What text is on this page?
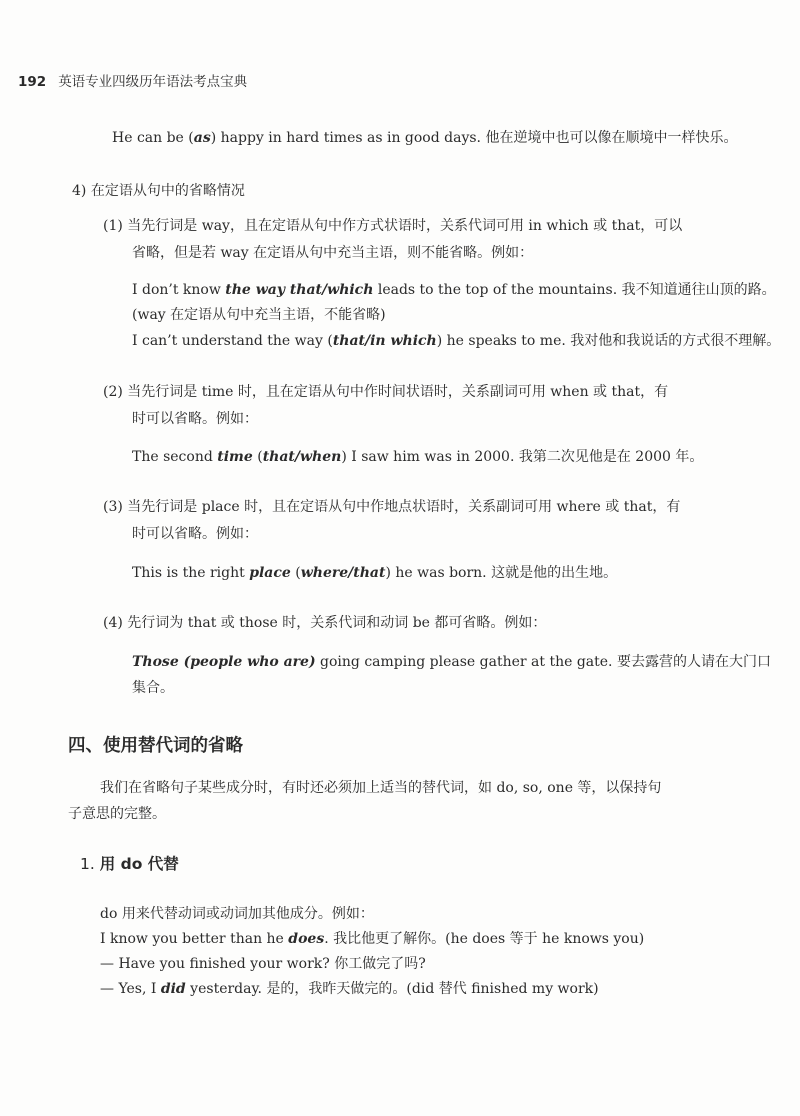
192 英语专业四级历年语法考点宝典
He can be (as) happy in hard times as in good days. 他在逆境中也可以像在顺境中一样快乐。
4) 在定语从句中的省略情况
(1) 当先行词是 way，且在定语从句中作方式状语时，关系代词可用 in which 或 that，可以
省略，但是若 way 在定语从句中充当主语，则不能省略。例如：
I don’t know the way that/which leads to the top of the mountains. 我不知道通往山顶的路。
(way 在定语从句中充当主语，不能省略)
I can’t understand the way (that/in which) he speaks to me. 我对他和我说话的方式很不理解。
(2) 当先行词是 time 时，且在定语从句中作时间状语时，关系副词可用 when 或 that，有
时可以省略。例如：
The second time (that/when) I saw him was in 2000. 我第二次见他是在 2000 年。
(3) 当先行词是 place 时，且在定语从句中作地点状语时，关系副词可用 where 或 that，有
时可以省略。例如：
This is the right place (where/that) he was born. 这就是他的出生地。
(4) 先行词为 that 或 those 时，关系代词和动词 be 都可省略。例如：
Those (people who are) going camping please gather at the gate. 要去露营的人请在大门口
集合。
四、使用替代词的省略
我们在省略句子某些成分时，有时还必须加上适当的替代词，如 do, so, one 等，以保持句
子意思的完整。
1. 用 do 代替
do 用来代替动词或动词加其他成分。例如：
I know you better than he does. 我比他更了解你。(he does 等于 he knows you)
— Have you finished your work? 你工做完了吗?
— Yes, I did yesterday. 是的，我昨天做完的。(did 替代 finished my work)
